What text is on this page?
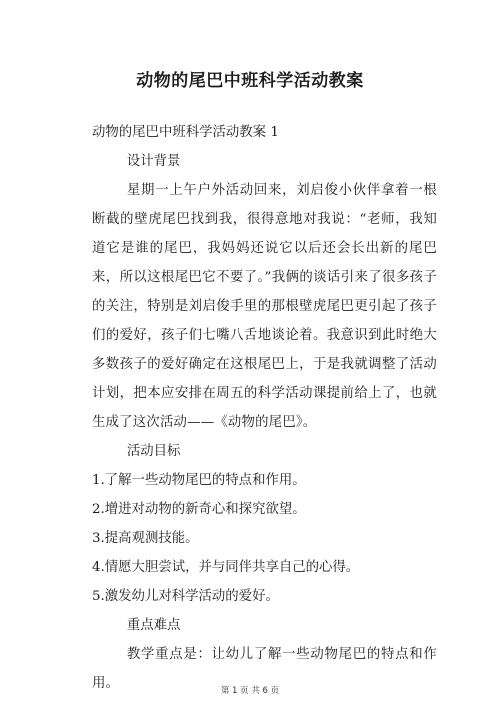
动物的尾巴中班科学活动教案

动物的尾巴中班科学活动教案 1

设计背景

星期一上午户外活动回来，刘启俊小伙伴拿着一根断截的壁虎尾巴找到我，很得意地对我说：“老师，我知道它是谁的尾巴，我妈妈还说它以后还会长出新的尾巴来，所以这根尾巴它不要了。”我俩的谈话引来了很多孩子的关注，特别是刘启俊手里的那根壁虎尾巴更引起了孩子们的爱好，孩子们七嘴八舌地谈论着。我意识到此时绝大多数孩子的爱好确定在这根尾巴上，于是我就调整了活动计划，把本应安排在周五的科学活动课提前给上了，也就生成了这次活动——《动物的尾巴》。

活动目标

1.了解一些动物尾巴的特点和作用。

2.增进对动物的新奇心和探究欲望。

3.提高观测技能。

4.情愿大胆尝试，并与同伴共享自己的心得。

5.激发幼儿对科学活动的爱好。

重点难点

教学重点是：让幼儿了解一些动物尾巴的特点和作用。	第 1 页 共 6 页
